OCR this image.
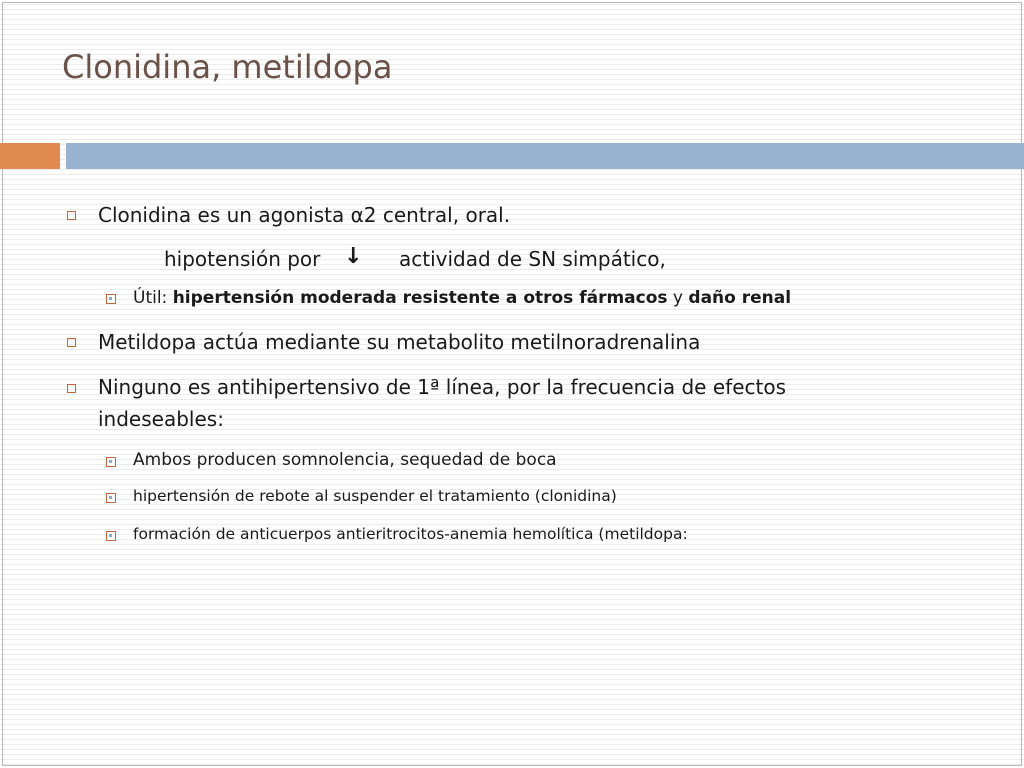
Clonidina, metildopa
Clonidina es un agonista α2 central, oral.
hipotensión por ↓ actividad de SN simpático,
Útil: hipertensión moderada resistente a otros fármacos y daño renal
Metildopa actúa mediante su metabolito metilnoradrenalina
Ninguno es antihipertensivo de 1ª línea, por la frecuencia de efectos
indeseables:
Ambos producen somnolencia, sequedad de boca
hipertensión de rebote al suspender el tratamiento (clonidina)
formación de anticuerpos antieritrocitos-anemia hemolítica (metildopa:
